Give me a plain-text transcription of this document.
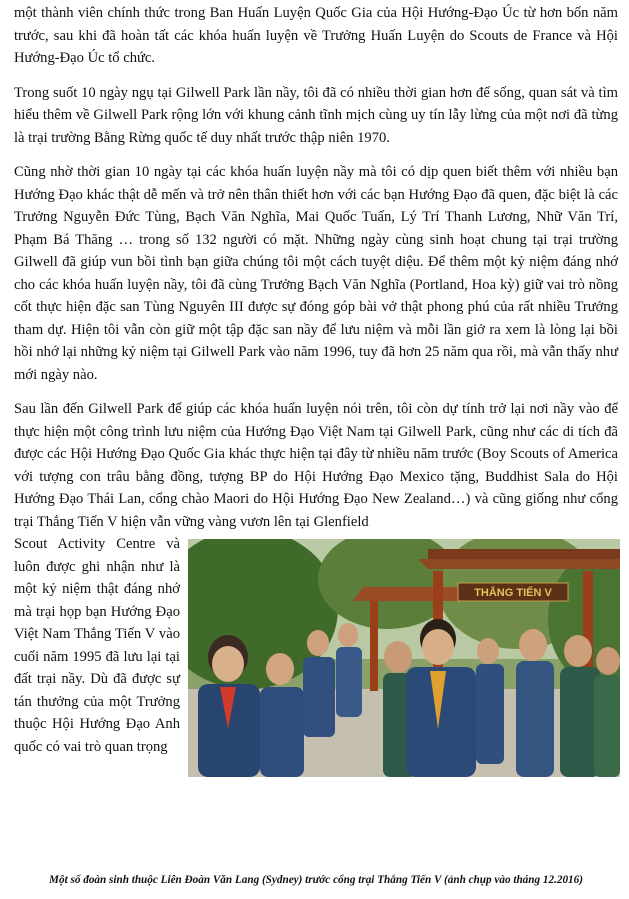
một thành viên chính thức trong Ban Huấn Luyện Quốc Gia của Hội Hướng-Đạo Úc từ hơn bốn năm trước, sau khi đã hoàn tất các khóa huấn luyện về Trưởng Huấn Luyện do Scouts de France và Hội Hướng-Đạo Úc tổ chức.

Trong suốt 10 ngày ngụ tại Gilwell Park lần nầy, tôi đã có nhiều thời gian hơn để sống, quan sát và tìm hiểu thêm về Gilwell Park rộng lớn với khung cảnh tĩnh mịch cùng uy tín lẫy lừng của một nơi đã từng là trại trường Bằng Rừng quốc tế duy nhất trước thập niên 1970.

Cũng nhờ thời gian 10 ngày tại các khóa huấn luyện nầy mà tôi có dịp quen biết thêm với nhiều bạn Hướng Đạo khác thật dễ mến và trở nên thân thiết hơn với các bạn Hướng Đạo đã quen, đặc biệt là các Trưởng Nguyễn Đức Tùng, Bạch Văn Nghĩa, Mai Quốc Tuấn, Lý Trí Thanh Lương, Nhữ Văn Trí, Phạm Bá Thăng … trong số 132 người có mặt. Những ngày cùng sinh hoạt chung tại trại trường Gilwell đã giúp vun bồi tình bạn giữa chúng tôi một cách tuyệt diệu. Để thêm một kỷ niệm đáng nhớ cho các khóa huấn luyện nầy, tôi đã cùng Trưởng Bạch Văn Nghĩa (Portland, Hoa kỳ) giữ vai trò nồng cốt thực hiện đặc san Tùng Nguyên III được sự đóng góp bài vở thật phong phú của rất nhiều Trưởng tham dự. Hiện tôi vẫn còn giữ một tập đặc san nầy để lưu niệm và mỗi lần giở ra xem là lòng lại bồi hồi nhớ lại những kỷ niệm tại Gilwell Park vào năm 1996, tuy đã hơn 25 năm qua rồi, mà vẫn thấy như mới ngày nào.

Sau lần đến Gilwell Park để giúp các khóa huấn luyện nói trên, tôi còn dự tính trở lại nơi nầy vào để thực hiện một công trình lưu niệm của Hướng Đạo Việt Nam tại Gilwell Park, cũng như các di tích đã được các Hội Hướng Đạo Quốc Gia khác thực hiện tại đây từ nhiều năm trước (Boy Scouts of America với tượng con trâu bằng đồng, tượng BP do Hội Hướng Đạo Mexico tặng, Buddhist Sala do Hội Hướng Đạo Thái Lan, cổng chào Maori do Hội Hướng Đạo New Zealand…) và cũng giống như cổng trại Thắng Tiến V hiện vẫn vững vàng vươn lên tại Glenfield

Scout Activity Centre và luôn được ghi nhận như là một kỷ niệm thật đáng nhớ mà trại họp bạn Hướng Đạo Việt Nam Thắng Tiến V vào cuối năm 1995 đã lưu lại tại đất trại nầy. Dù đã được sự tán thưởng của một Trưởng thuộc Hội Hướng Đạo Anh quốc có vai trò quan trọng
THẮNG TIẾN V
Một số đoàn sinh thuộc Liên Đoàn Văn Lang (Sydney) trước cổng trại Thắng Tiến V (ảnh chụp vào tháng 12.2016)
